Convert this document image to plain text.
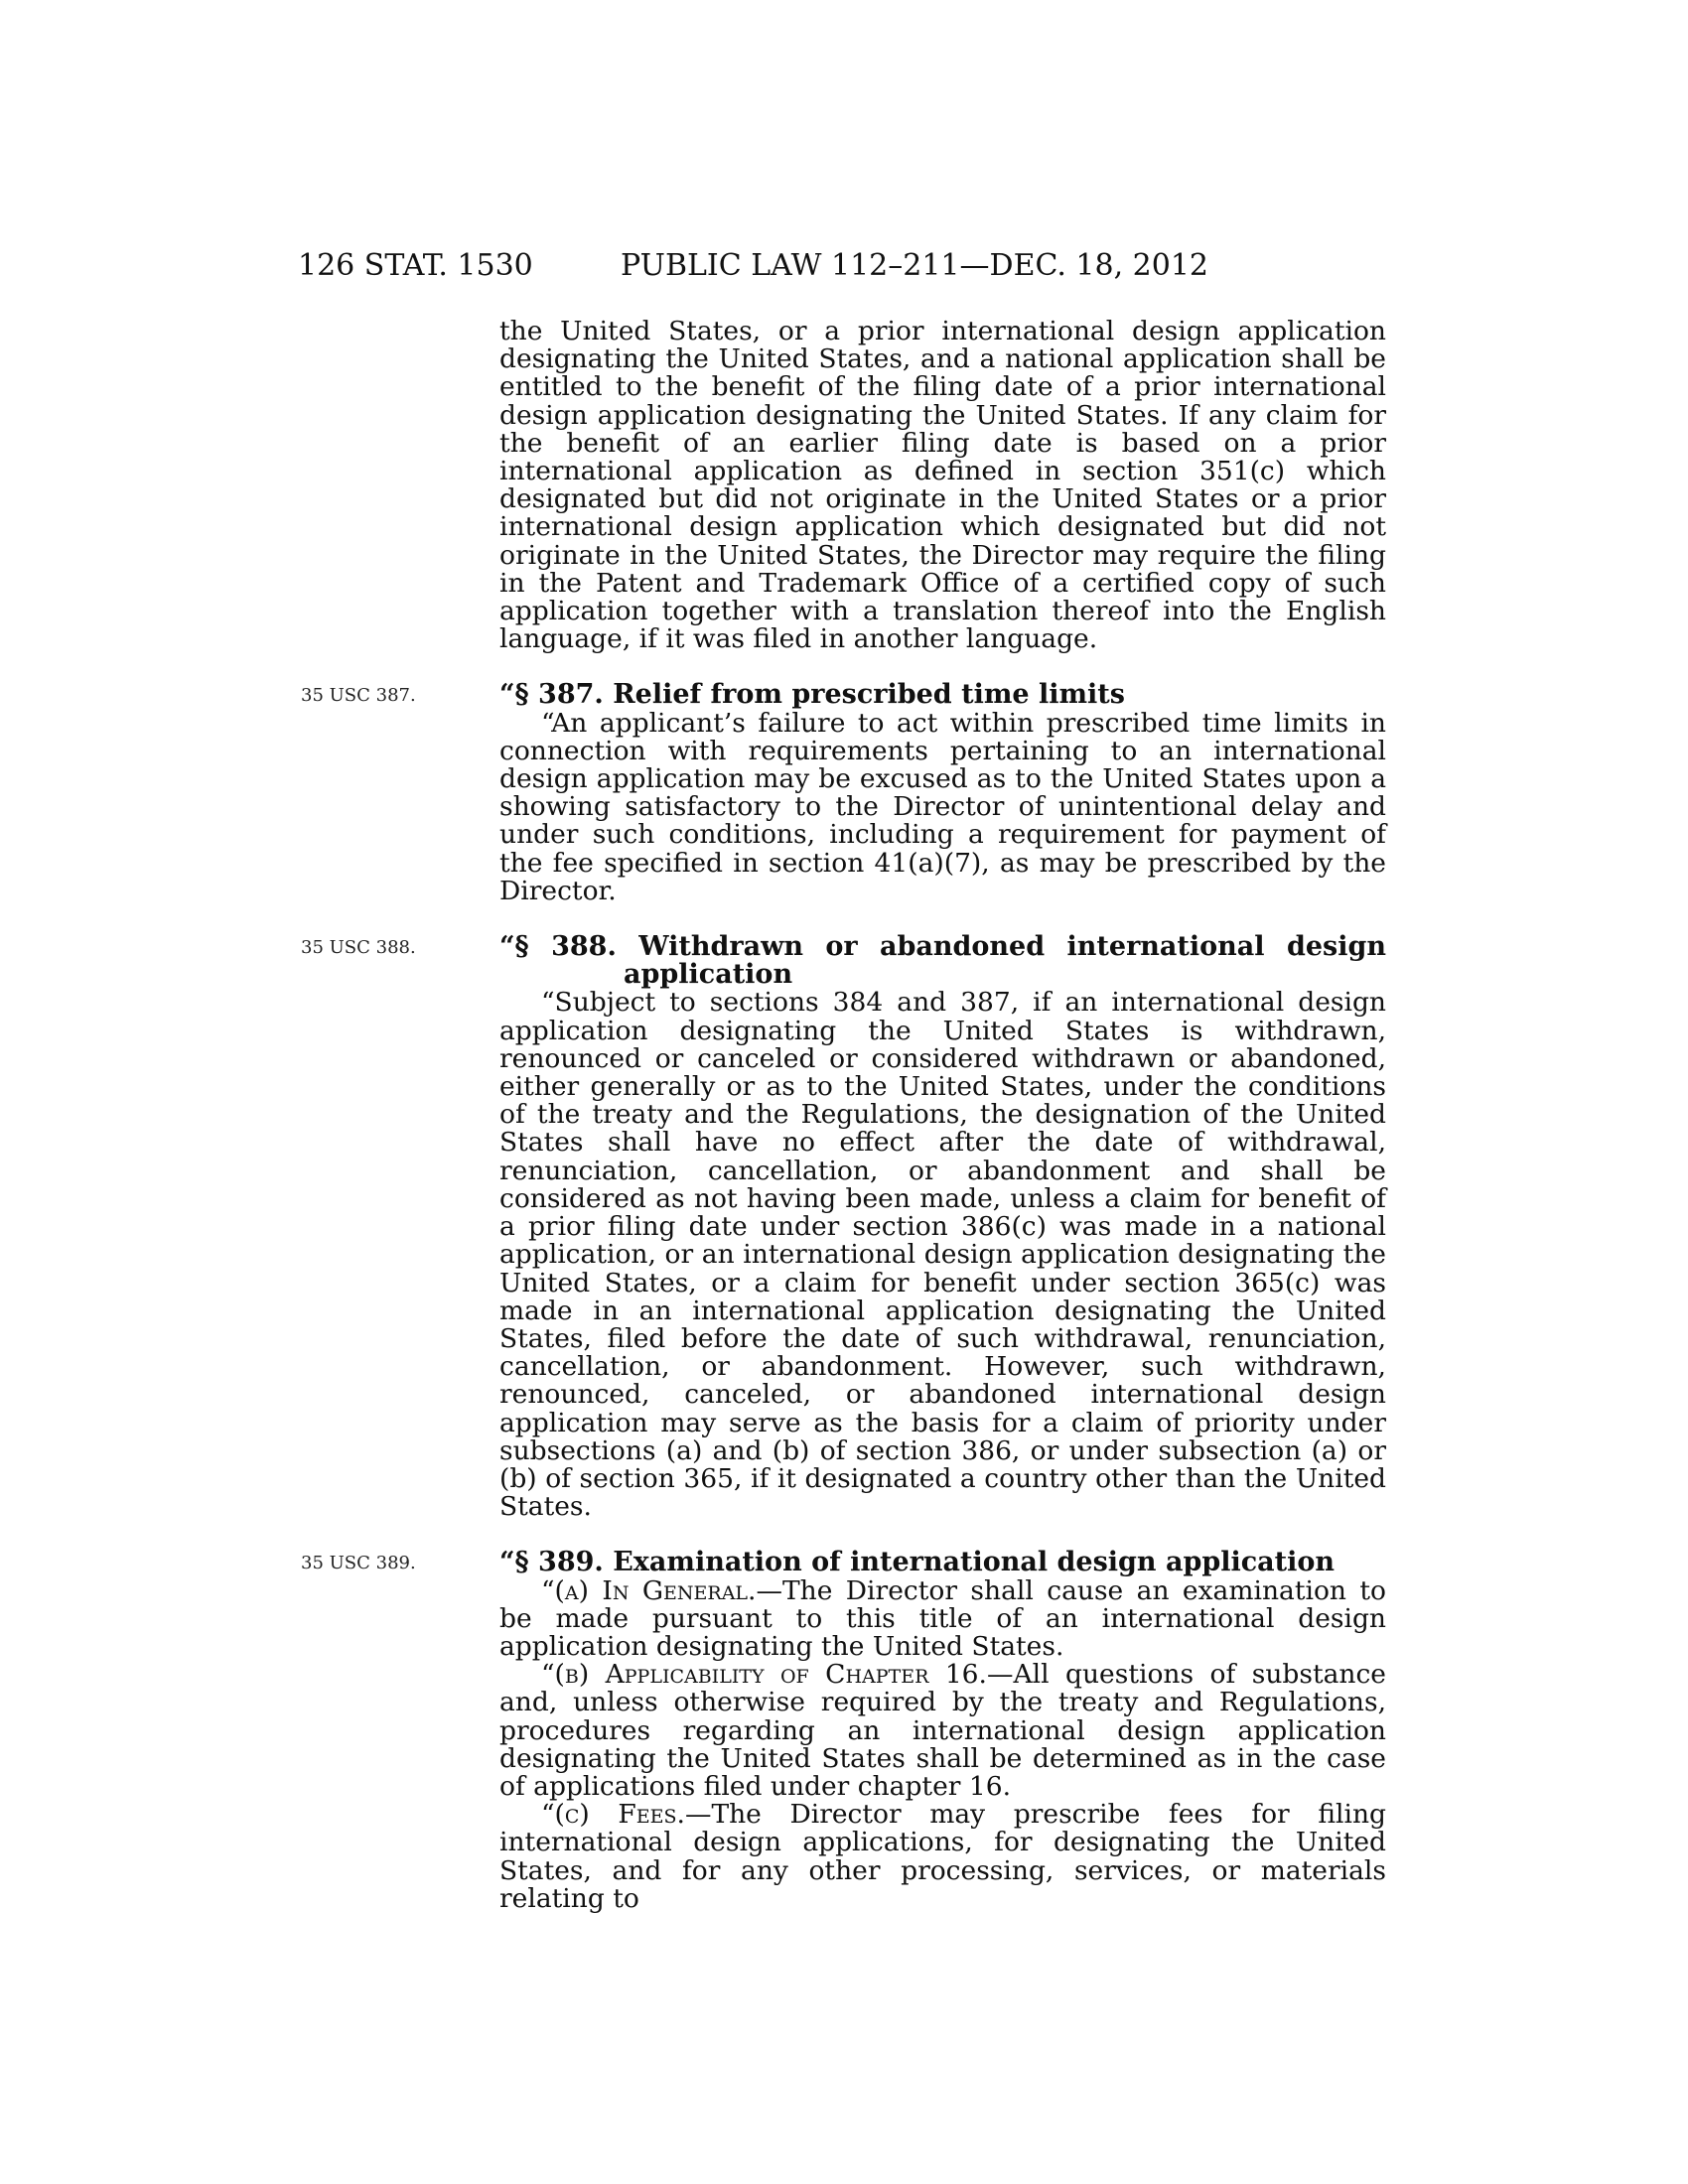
126 STAT. 1530	PUBLIC LAW 112–211—DEC. 18, 2012

the United States, or a prior international design application designating the United States, and a national application shall be entitled to the benefit of the filing date of a prior international design application designating the United States. If any claim for the benefit of an earlier filing date is based on a prior international application as defined in section 351(c) which designated but did not originate in the United States or a prior international design application which designated but did not originate in the United States, the Director may require the filing in the Patent and Trademark Office of a certified copy of such application together with a translation thereof into the English language, if it was filed in another language.

35 USC 387.	“§ 387. Relief from prescribed time limits

“An applicant’s failure to act within prescribed time limits in connection with requirements pertaining to an international design application may be excused as to the United States upon a showing satisfactory to the Director of unintentional delay and under such conditions, including a requirement for payment of the fee specified in section 41(a)(7), as may be prescribed by the Director.

35 USC 388.	“§ 388. Withdrawn or abandoned international design
application

“Subject to sections 384 and 387, if an international design application designating the United States is withdrawn, renounced or canceled or considered withdrawn or abandoned, either generally or as to the United States, under the conditions of the treaty and the Regulations, the designation of the United States shall have no effect after the date of withdrawal, renunciation, cancellation, or abandonment and shall be considered as not having been made, unless a claim for benefit of a prior filing date under section 386(c) was made in a national application, or an international design application designating the United States, or a claim for benefit under section 365(c) was made in an international application designating the United States, filed before the date of such withdrawal, renunciation, cancellation, or abandonment. However, such withdrawn, renounced, canceled, or abandoned international design application may serve as the basis for a claim of priority under subsections (a) and (b) of section 386, or under subsection (a) or (b) of section 365, if it designated a country other than the United States.

35 USC 389.	“§ 389. Examination of international design application

“(a) In General.—The Director shall cause an examination to be made pursuant to this title of an international design application designating the United States.

“(b) Applicability of Chapter 16.—All questions of substance and, unless otherwise required by the treaty and Regulations, procedures regarding an international design application designating the United States shall be determined as in the case of applications filed under chapter 16.

“(c) Fees.—The Director may prescribe fees for filing international design applications, for designating the United States, and for any other processing, services, or materials relating to
